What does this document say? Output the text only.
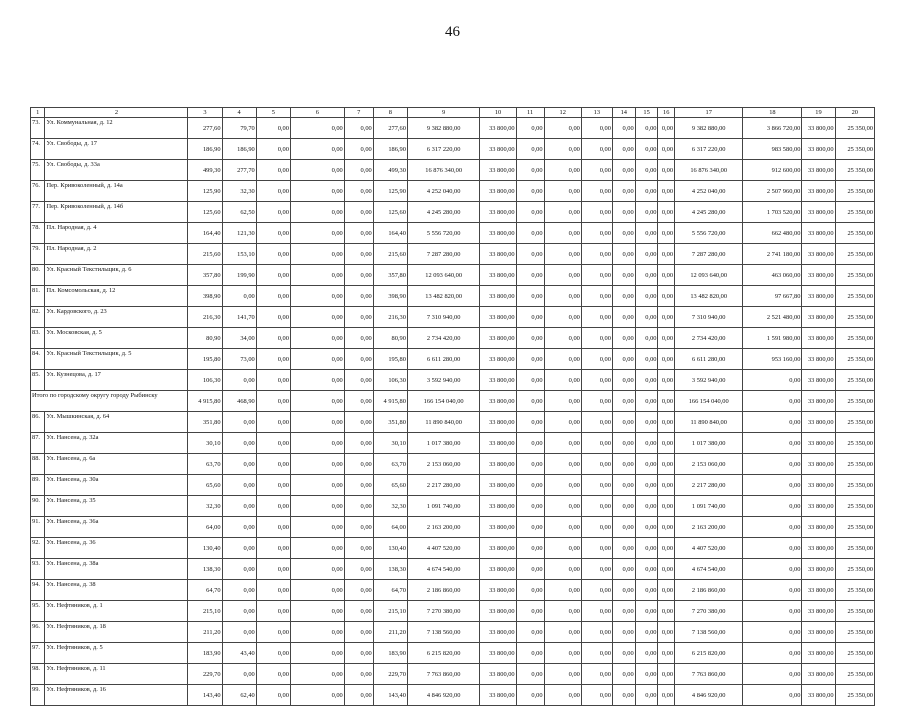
46
1	2	3	4	5	6	7	8	9	10	11	12	13	14	15	16	17	18	19	20
73.	Ул. Коммунальная, д. 12	277,60	79,70	0,00	0,00	0,00	277,60	9 382 880,00	33 800,00	0,00	0,00	0,00	0,00	0,00	0,00	9 382 880,00	3 866 720,00	33 800,00	25 350,00
74.	Ул. Свободы, д. 17	186,90	186,90	0,00	0,00	0,00	186,90	6 317 220,00	33 800,00	0,00	0,00	0,00	0,00	0,00	0,00	6 317 220,00	983 580,00	33 800,00	25 350,00
75.	Ул. Свободы, д. 33а	499,30	277,70	0,00	0,00	0,00	499,30	16 876 340,00	33 800,00	0,00	0,00	0,00	0,00	0,00	0,00	16 876 340,00	912 600,00	33 800,00	25 350,00
76.	Пер. Кривоколенный, д. 14а	125,90	32,30	0,00	0,00	0,00	125,90	4 252 040,00	33 800,00	0,00	0,00	0,00	0,00	0,00	0,00	4 252 040,00	2 507 960,00	33 800,00	25 350,00
77.	Пер. Кривоколенный, д. 14б	125,60	62,50	0,00	0,00	0,00	125,60	4 245 280,00	33 800,00	0,00	0,00	0,00	0,00	0,00	0,00	4 245 280,00	1 703 520,00	33 800,00	25 350,00
78.	Пл. Народная, д. 4	164,40	121,30	0,00	0,00	0,00	164,40	5 556 720,00	33 800,00	0,00	0,00	0,00	0,00	0,00	0,00	5 556 720,00	662 480,00	33 800,00	25 350,00
79.	Пл. Народная, д. 2	215,60	153,10	0,00	0,00	0,00	215,60	7 287 280,00	33 800,00	0,00	0,00	0,00	0,00	0,00	0,00	7 287 280,00	2 741 180,00	33 800,00	25 350,00
80.	Ул. Красный Текстильщик, д. 6	357,80	199,90	0,00	0,00	0,00	357,80	12 093 640,00	33 800,00	0,00	0,00	0,00	0,00	0,00	0,00	12 093 640,00	463 060,00	33 800,00	25 350,00
81.	Пл. Комсомольская, д. 12	398,90	0,00	0,00	0,00	0,00	398,90	13 482 820,00	33 800,00	0,00	0,00	0,00	0,00	0,00	0,00	13 482 820,00	97 667,80	33 800,00	25 350,00
82.	Ул. Кардовского, д. 23	216,30	141,70	0,00	0,00	0,00	216,30	7 310 940,00	33 800,00	0,00	0,00	0,00	0,00	0,00	0,00	7 310 940,00	2 521 480,00	33 800,00	25 350,00
83.	Ул. Московская, д. 5	80,90	34,00	0,00	0,00	0,00	80,90	2 734 420,00	33 800,00	0,00	0,00	0,00	0,00	0,00	0,00	2 734 420,00	1 591 980,00	33 800,00	25 350,00
84.	Ул. Красный Текстильщик, д. 5	195,80	73,00	0,00	0,00	0,00	195,80	6 611 280,00	33 800,00	0,00	0,00	0,00	0,00	0,00	0,00	6 611 280,00	953 160,00	33 800,00	25 350,00
85.	Ул. Кузнецова, д. 17	106,30	0,00	0,00	0,00	0,00	106,30	3 592 940,00	33 800,00	0,00	0,00	0,00	0,00	0,00	0,00	3 592 940,00	0,00	33 800,00	25 350,00
Итого по городскому округу городу Рыбинску		4 915,80	468,90	0,00	0,00	0,00	4 915,80	166 154 040,00	33 800,00	0,00	0,00	0,00	0,00	0,00	0,00	166 154 040,00	0,00	33 800,00	25 350,00
86.	Ул. Мышкинская, д. 64	351,80	0,00	0,00	0,00	0,00	351,80	11 890 840,00	33 800,00	0,00	0,00	0,00	0,00	0,00	0,00	11 890 840,00	0,00	33 800,00	25 350,00
87.	Ул. Нансена, д. 32а	30,10	0,00	0,00	0,00	0,00	30,10	1 017 380,00	33 800,00	0,00	0,00	0,00	0,00	0,00	0,00	1 017 380,00	0,00	33 800,00	25 350,00
88.	Ул. Нансена, д. 6а	63,70	0,00	0,00	0,00	0,00	63,70	2 153 060,00	33 800,00	0,00	0,00	0,00	0,00	0,00	0,00	2 153 060,00	0,00	33 800,00	25 350,00
89.	Ул. Нансена, д. 30а	65,60	0,00	0,00	0,00	0,00	65,60	2 217 280,00	33 800,00	0,00	0,00	0,00	0,00	0,00	0,00	2 217 280,00	0,00	33 800,00	25 350,00
90.	Ул. Нансена, д. 35	32,30	0,00	0,00	0,00	0,00	32,30	1 091 740,00	33 800,00	0,00	0,00	0,00	0,00	0,00	0,00	1 091 740,00	0,00	33 800,00	25 350,00
91.	Ул. Нансена, д. 36а	64,00	0,00	0,00	0,00	0,00	64,00	2 163 200,00	33 800,00	0,00	0,00	0,00	0,00	0,00	0,00	2 163 200,00	0,00	33 800,00	25 350,00
92.	Ул. Нансена, д. 36	130,40	0,00	0,00	0,00	0,00	130,40	4 407 520,00	33 800,00	0,00	0,00	0,00	0,00	0,00	0,00	4 407 520,00	0,00	33 800,00	25 350,00
93.	Ул. Нансена, д. 38а	138,30	0,00	0,00	0,00	0,00	138,30	4 674 540,00	33 800,00	0,00	0,00	0,00	0,00	0,00	0,00	4 674 540,00	0,00	33 800,00	25 350,00
94.	Ул. Нансена, д. 38	64,70	0,00	0,00	0,00	0,00	64,70	2 186 860,00	33 800,00	0,00	0,00	0,00	0,00	0,00	0,00	2 186 860,00	0,00	33 800,00	25 350,00
95.	Ул. Нефтяников, д. 1	215,10	0,00	0,00	0,00	0,00	215,10	7 270 380,00	33 800,00	0,00	0,00	0,00	0,00	0,00	0,00	7 270 380,00	0,00	33 800,00	25 350,00
96.	Ул. Нефтяников, д. 18	211,20	0,00	0,00	0,00	0,00	211,20	7 138 560,00	33 800,00	0,00	0,00	0,00	0,00	0,00	0,00	7 138 560,00	0,00	33 800,00	25 350,00
97.	Ул. Нефтяников, д. 5	183,90	43,40	0,00	0,00	0,00	183,90	6 215 820,00	33 800,00	0,00	0,00	0,00	0,00	0,00	0,00	6 215 820,00	0,00	33 800,00	25 350,00
98.	Ул. Нефтяников, д. 11	229,70	0,00	0,00	0,00	0,00	229,70	7 763 860,00	33 800,00	0,00	0,00	0,00	0,00	0,00	0,00	7 763 860,00	0,00	33 800,00	25 350,00
99.	Ул. Нефтяников, д. 16	143,40	62,40	0,00	0,00	0,00	143,40	4 846 920,00	33 800,00	0,00	0,00	0,00	0,00	0,00	0,00	4 846 920,00	0,00	33 800,00	25 350,00
